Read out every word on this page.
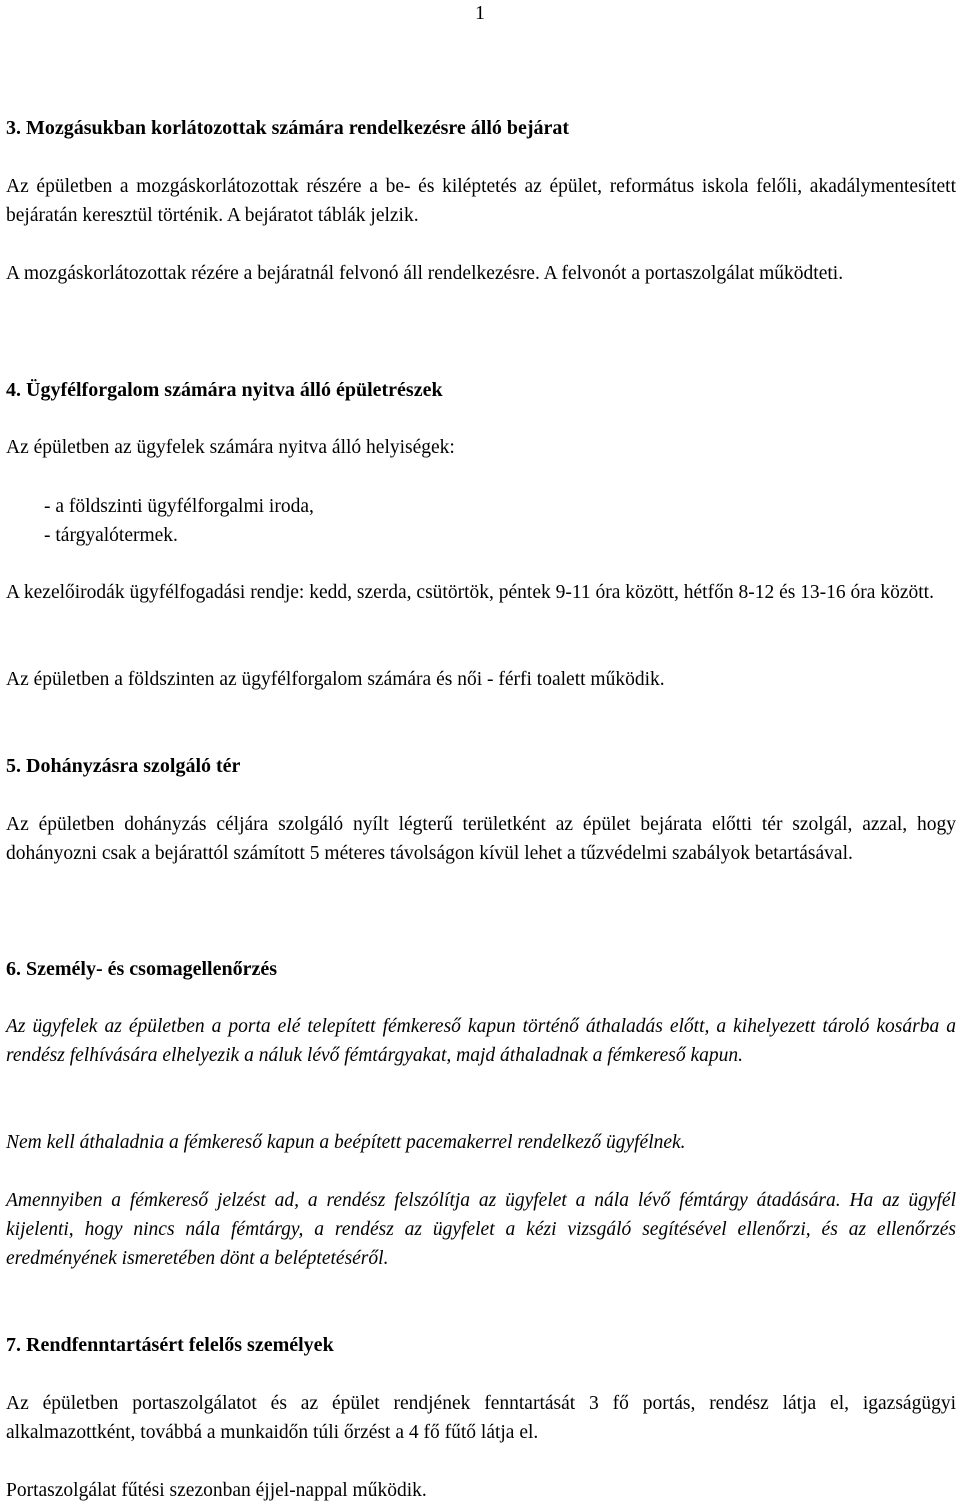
1
3. Mozgásukban korlátozottak számára rendelkezésre álló bejárat

Az épületben a mozgáskorlátozottak részére a be- és kiléptetés az épület, református iskola felőli, akadálymentesített bejáratán keresztül történik. A bejáratot táblák jelzik.

A mozgáskorlátozottak rézére a bejáratnál felvonó áll rendelkezésre. A felvonót a portaszolgálat működteti.

4. Ügyfélforgalom számára nyitva álló épületrészek

Az épületben az ügyfelek számára nyitva álló helyiségek:

- a földszinti ügyfélforgalmi iroda,
- tárgyalótermek.

A kezelőirodák ügyfélfogadási rendje: kedd, szerda, csütörtök, péntek 9-11 óra között, hétfőn 8-12 és 13-16 óra között.

Az épületben a földszinten az ügyfélforgalom számára és női - férfi toalett működik.

5. Dohányzásra szolgáló tér

Az épületben dohányzás céljára szolgáló nyílt légterű területként az épület bejárata előtti tér szolgál, azzal, hogy dohányozni csak a bejárattól számított 5 méteres távolságon kívül lehet a tűzvédelmi szabályok betartásával.

6. Személy- és csomagellenőrzés

Az ügyfelek az épületben a porta elé telepített fémkereső kapun történő áthaladás előtt, a kihelyezett tároló kosárba a rendész felhívására elhelyezik a náluk lévő fémtárgyakat, majd áthaladnak a fémkereső kapun.

Nem kell áthaladnia a fémkereső kapun a beépített pacemakerrel rendelkező ügyfélnek.

Amennyiben a fémkereső jelzést ad, a rendész felszólítja az ügyfelet a nála lévő fémtárgy átadására. Ha az ügyfél kijelenti, hogy nincs nála fémtárgy, a rendész az ügyfelet a kézi vizsgáló segítésével ellenőrzi, és az ellenőrzés eredményének ismeretében dönt a beléptetéséről.

7. Rendfenntartásért felelős személyek

Az épületben portaszolgálatot és az épület rendjének fenntartását 3 fő portás, rendész látja el, igazságügyi alkalmazottként, továbbá a munkaidőn túli őrzést a 4 fő fűtő látja el.

Portaszolgálat fűtési szezonban éjjel-nappal működik.
